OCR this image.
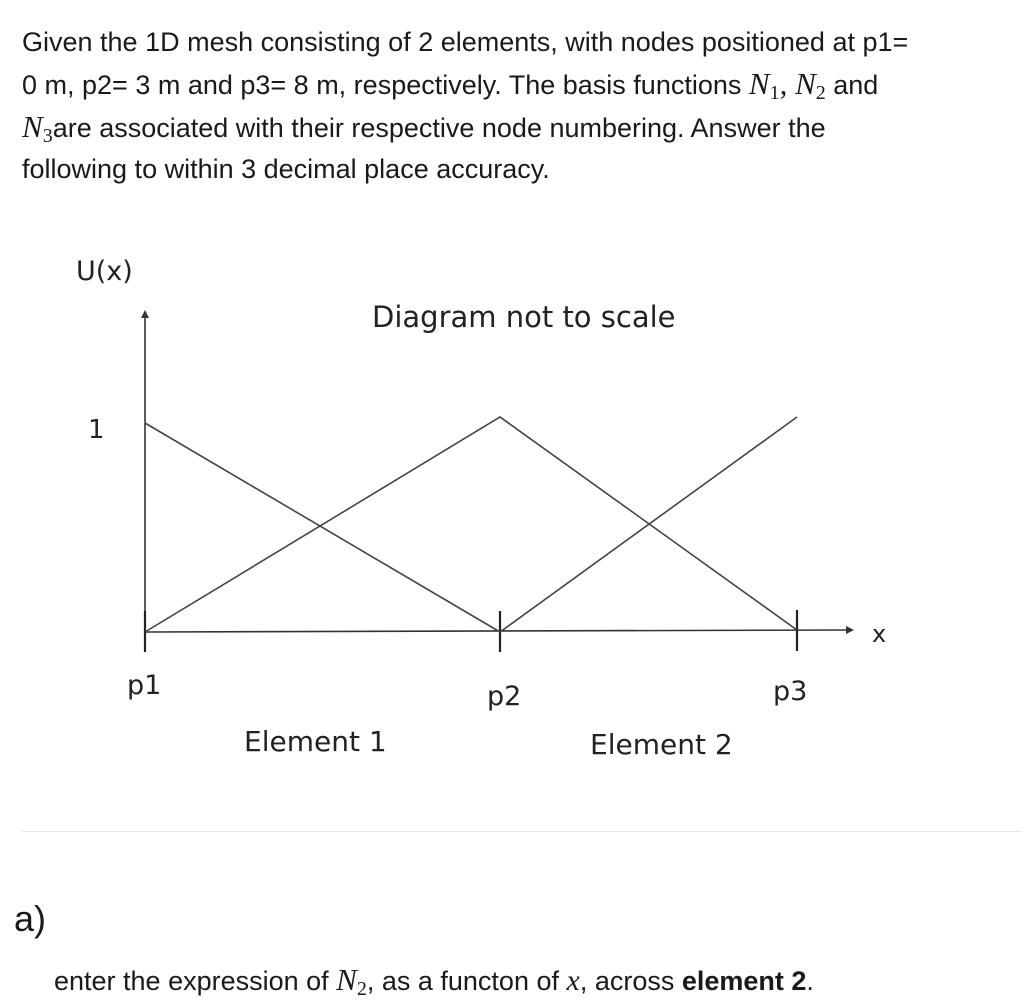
Given the 1D mesh consisting of 2 elements, with nodes positioned at p1=
0 m, p2= 3 m and p3= 8 m, respectively. The basis functions $N_1$, $N_2$ and
$N_3are$ associated with their respective node numbering. Answer the
following to within 3 decimal place accuracy.
U(x)
Diagram not to scale
1
x
p1	p2	p3
Element 1	Element 2
a)
enter the expression of $N_2$, as a functon of x, across element 2.
